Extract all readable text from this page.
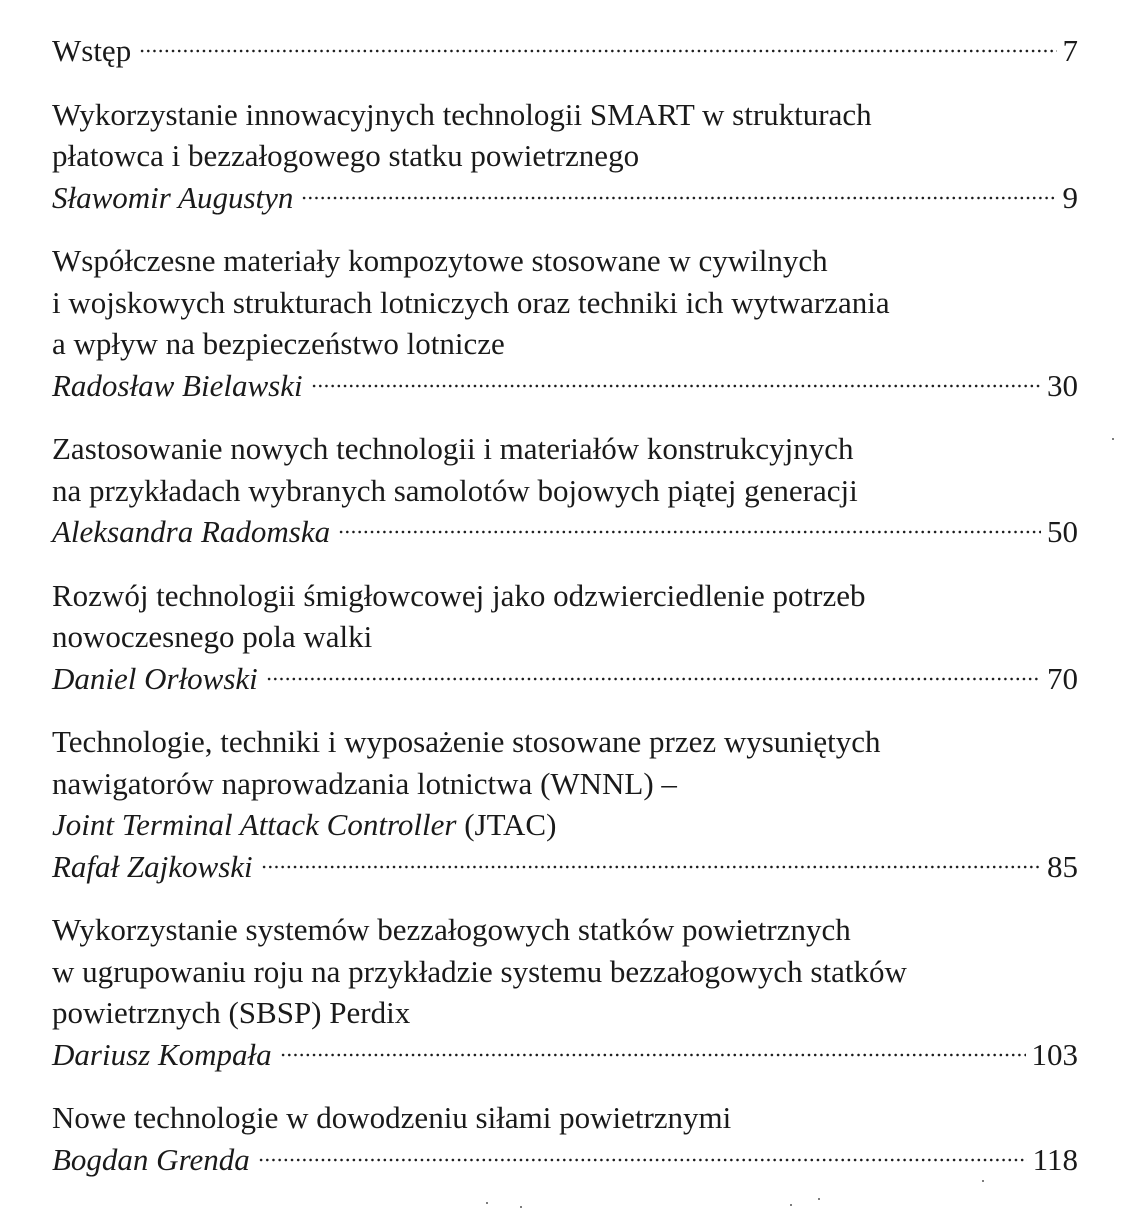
Wstęp	7
Wykorzystanie innowacyjnych technologii SMART w strukturach
płatowca i bezzałogowego statku powietrznego
Sławomir Augustyn	9
Współczesne materiały kompozytowe stosowane w cywilnych
i wojskowych strukturach lotniczych oraz techniki ich wytwarzania
a wpływ na bezpieczeństwo lotnicze
Radosław Bielawski	30
Zastosowanie nowych technologii i materiałów konstrukcyjnych
na przykładach wybranych samolotów bojowych piątej generacji
Aleksandra Radomska	50
Rozwój technologii śmigłowcowej jako odzwierciedlenie potrzeb
nowoczesnego pola walki
Daniel Orłowski	70
Technologie, techniki i wyposażenie stosowane przez wysuniętych
nawigatorów naprowadzania lotnictwa (WNNL) –
Joint Terminal Attack Controller (JTAC)
Rafał Zajkowski	85
Wykorzystanie systemów bezzałogowych statków powietrznych
w ugrupowaniu roju na przykładzie systemu bezzałogowych statków
powietrznych (SBSP) Perdix
Dariusz Kompała	103
Nowe technologie w dowodzeniu siłami powietrznymi
Bogdan Grenda	118
